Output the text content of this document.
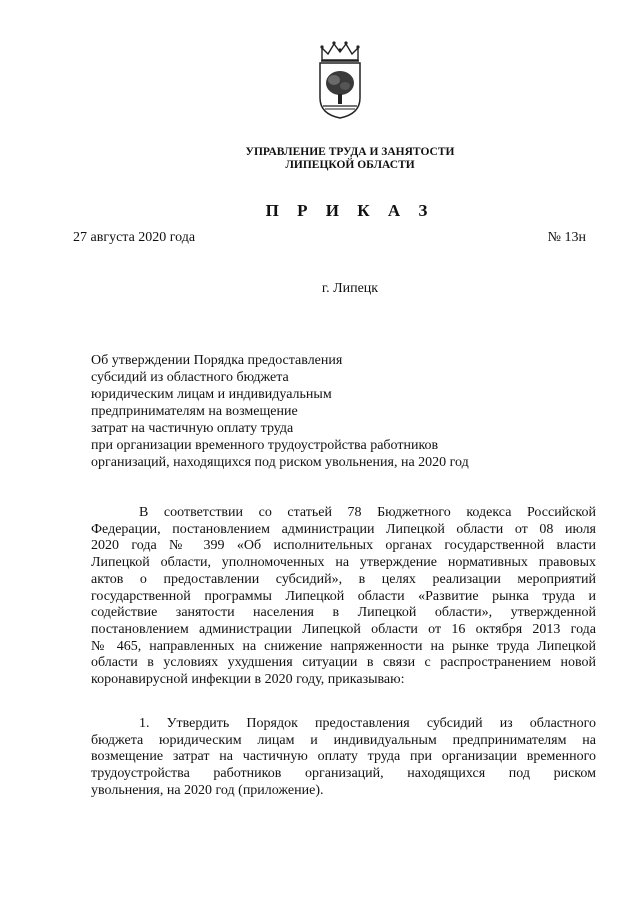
УПРАВЛЕНИЕ ТРУДА И ЗАНЯТОСТИ
ЛИПЕЦКОЙ ОБЛАСТИ
П Р И К А З
27 августа 2020 года	№ 13н
г. Липецк
Об утверждении Порядка предоставления
субсидий из областного бюджета
юридическим лицам и индивидуальным
предпринимателям на возмещение
затрат на частичную оплату труда
при организации временного трудоустройства работников
организаций, находящихся под риском увольнения, на 2020 год
В соответствии со статьей 78 Бюджетного кодекса Российской
Федерации, постановлением администрации Липецкой области от 08 июля
2020 года № 399 «Об исполнительных органах государственной власти
Липецкой области, уполномоченных на утверждение нормативных правовых
актов о предоставлении субсидий», в целях реализации мероприятий
государственной программы Липецкой области «Развитие рынка труда и
содействие занятости населения в Липецкой области», утвержденной
постановлением администрации Липецкой области от 16 октября 2013 года
№ 465, направленных на снижение напряженности на рынке труда Липецкой
области в условиях ухудшения ситуации в связи с распространением новой
коронавирусной инфекции в 2020 году, приказываю:
1. Утвердить Порядок предоставления субсидий из областного
бюджета юридическим лицам и индивидуальным предпринимателям на
возмещение затрат на частичную оплату труда при организации временного
трудоустройства работников организаций, находящихся под риском
увольнения, на 2020 год (приложение).
